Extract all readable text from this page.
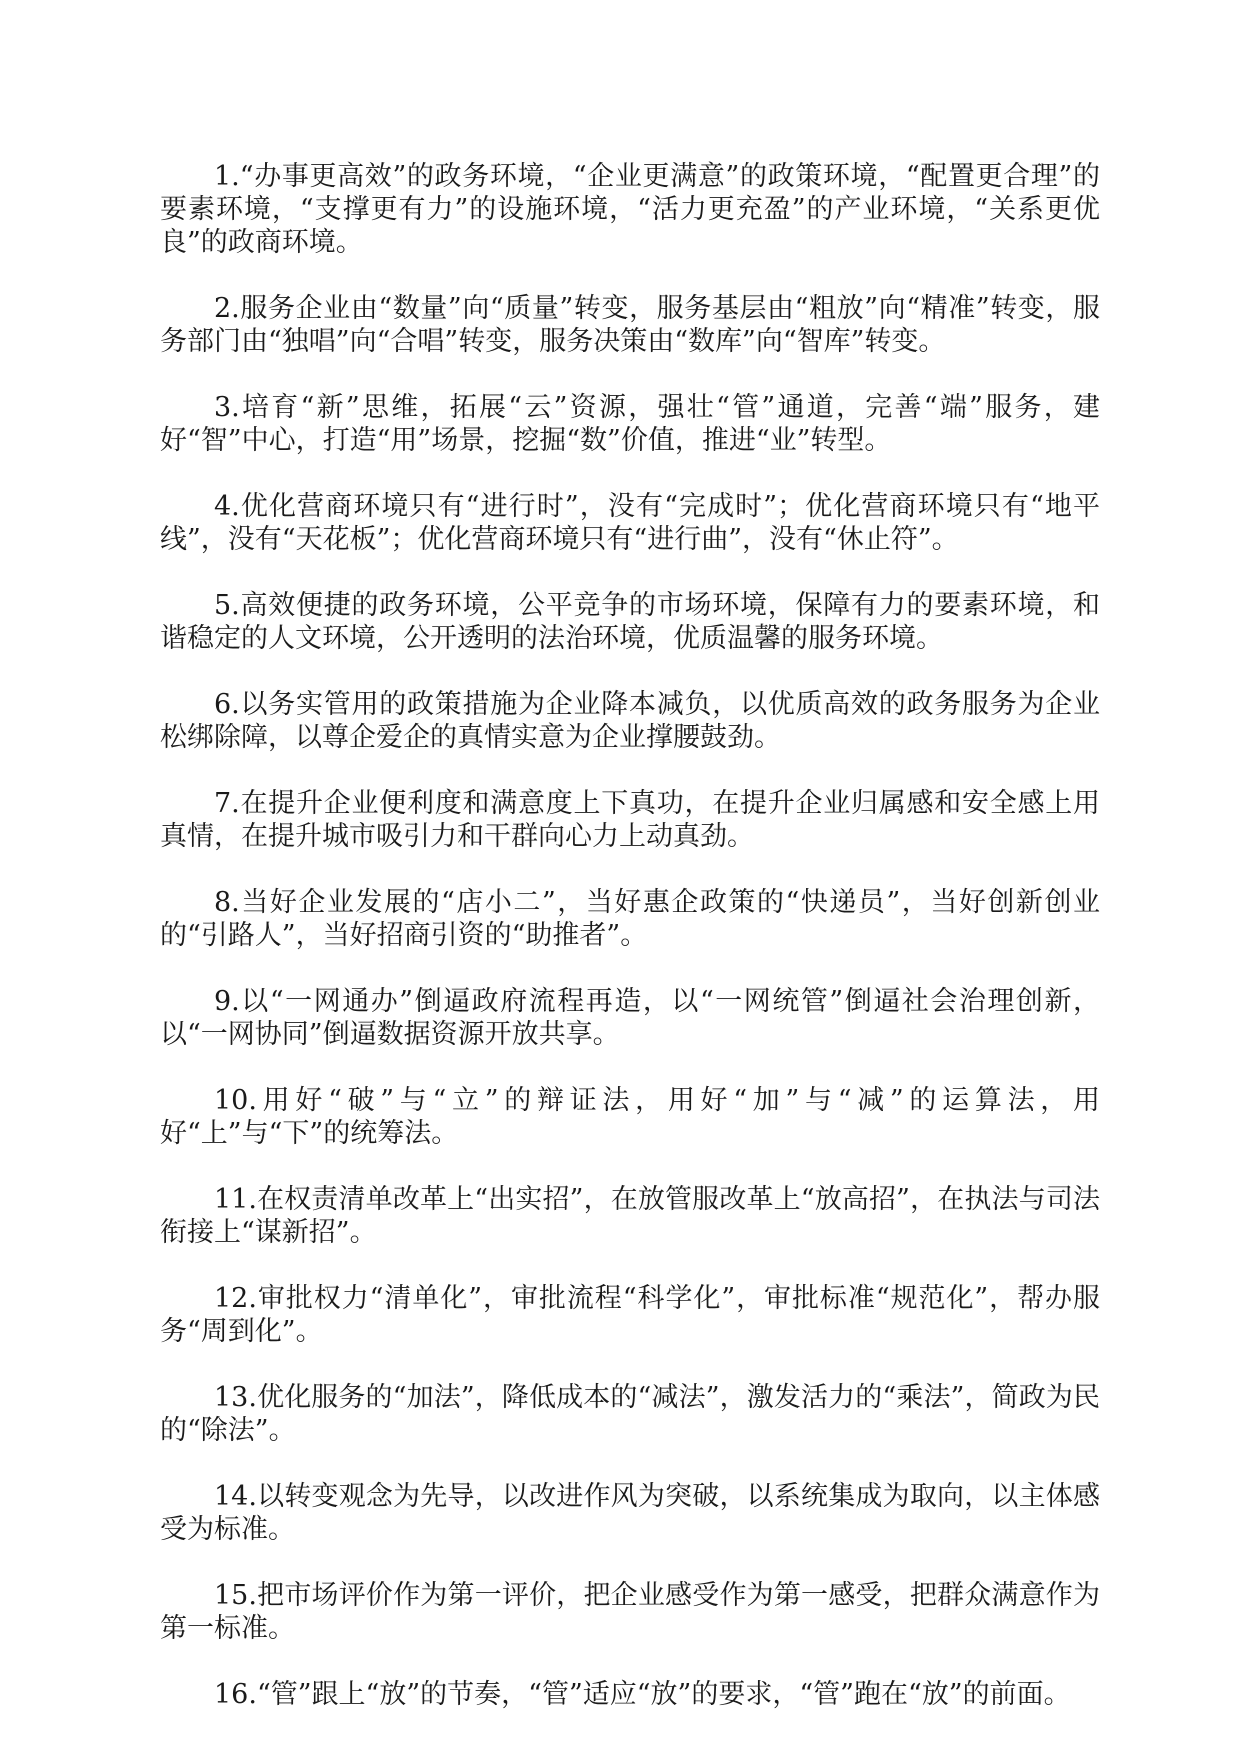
1.“办事更高效”的政务环境，“企业更满意”的政策环境，“配置更合理”的要素环境，“支撑更有力”的设施环境，“活力更充盈”的产业环境，“关系更优良”的政商环境。

2.服务企业由“数量”向“质量”转变，服务基层由“粗放”向“精准”转变，服务部门由“独唱”向“合唱”转变，服务决策由“数库”向“智库”转变。

3.培育“新”思维，拓展“云”资源，强壮“管”通道，完善“端”服务，建好“智”中心，打造“用”场景，挖掘“数”价值，推进“业”转型。

4.优化营商环境只有“进行时”，没有“完成时”；优化营商环境只有“地平线”，没有“天花板”；优化营商环境只有“进行曲”，没有“休止符”。

5.高效便捷的政务环境，公平竞争的市场环境，保障有力的要素环境，和谐稳定的人文环境，公开透明的法治环境，优质温馨的服务环境。

6.以务实管用的政策措施为企业降本减负，以优质高效的政务服务为企业松绑除障，以尊企爱企的真情实意为企业撑腰鼓劲。

7.在提升企业便利度和满意度上下真功，在提升企业归属感和安全感上用真情，在提升城市吸引力和干群向心力上动真劲。

8.当好企业发展的“店小二”，当好惠企政策的“快递员”，当好创新创业的“引路人”，当好招商引资的“助推者”。

9.以“一网通办”倒逼政府流程再造，以“一网统管”倒逼社会治理创新，以“一网协同”倒逼数据资源开放共享。

10.用好“破”与“立”的辩证法，用好“加”与“减”的运算法，用好“上”与“下”的统筹法。

11.在权责清单改革上“出实招”，在放管服改革上“放高招”，在执法与司法衔接上“谋新招”。

12.审批权力“清单化”，审批流程“科学化”，审批标准“规范化”，帮办服务“周到化”。

13.优化服务的“加法”，降低成本的“减法”，激发活力的“乘法”，简政为民的“除法”。

14.以转变观念为先导，以改进作风为突破，以系统集成为取向，以主体感受为标准。

15.把市场评价作为第一评价，把企业感受作为第一感受，把群众满意作为第一标准。

16.“管”跟上“放”的节奏，“管”适应“放”的要求，“管”跑在“放”的前面。
